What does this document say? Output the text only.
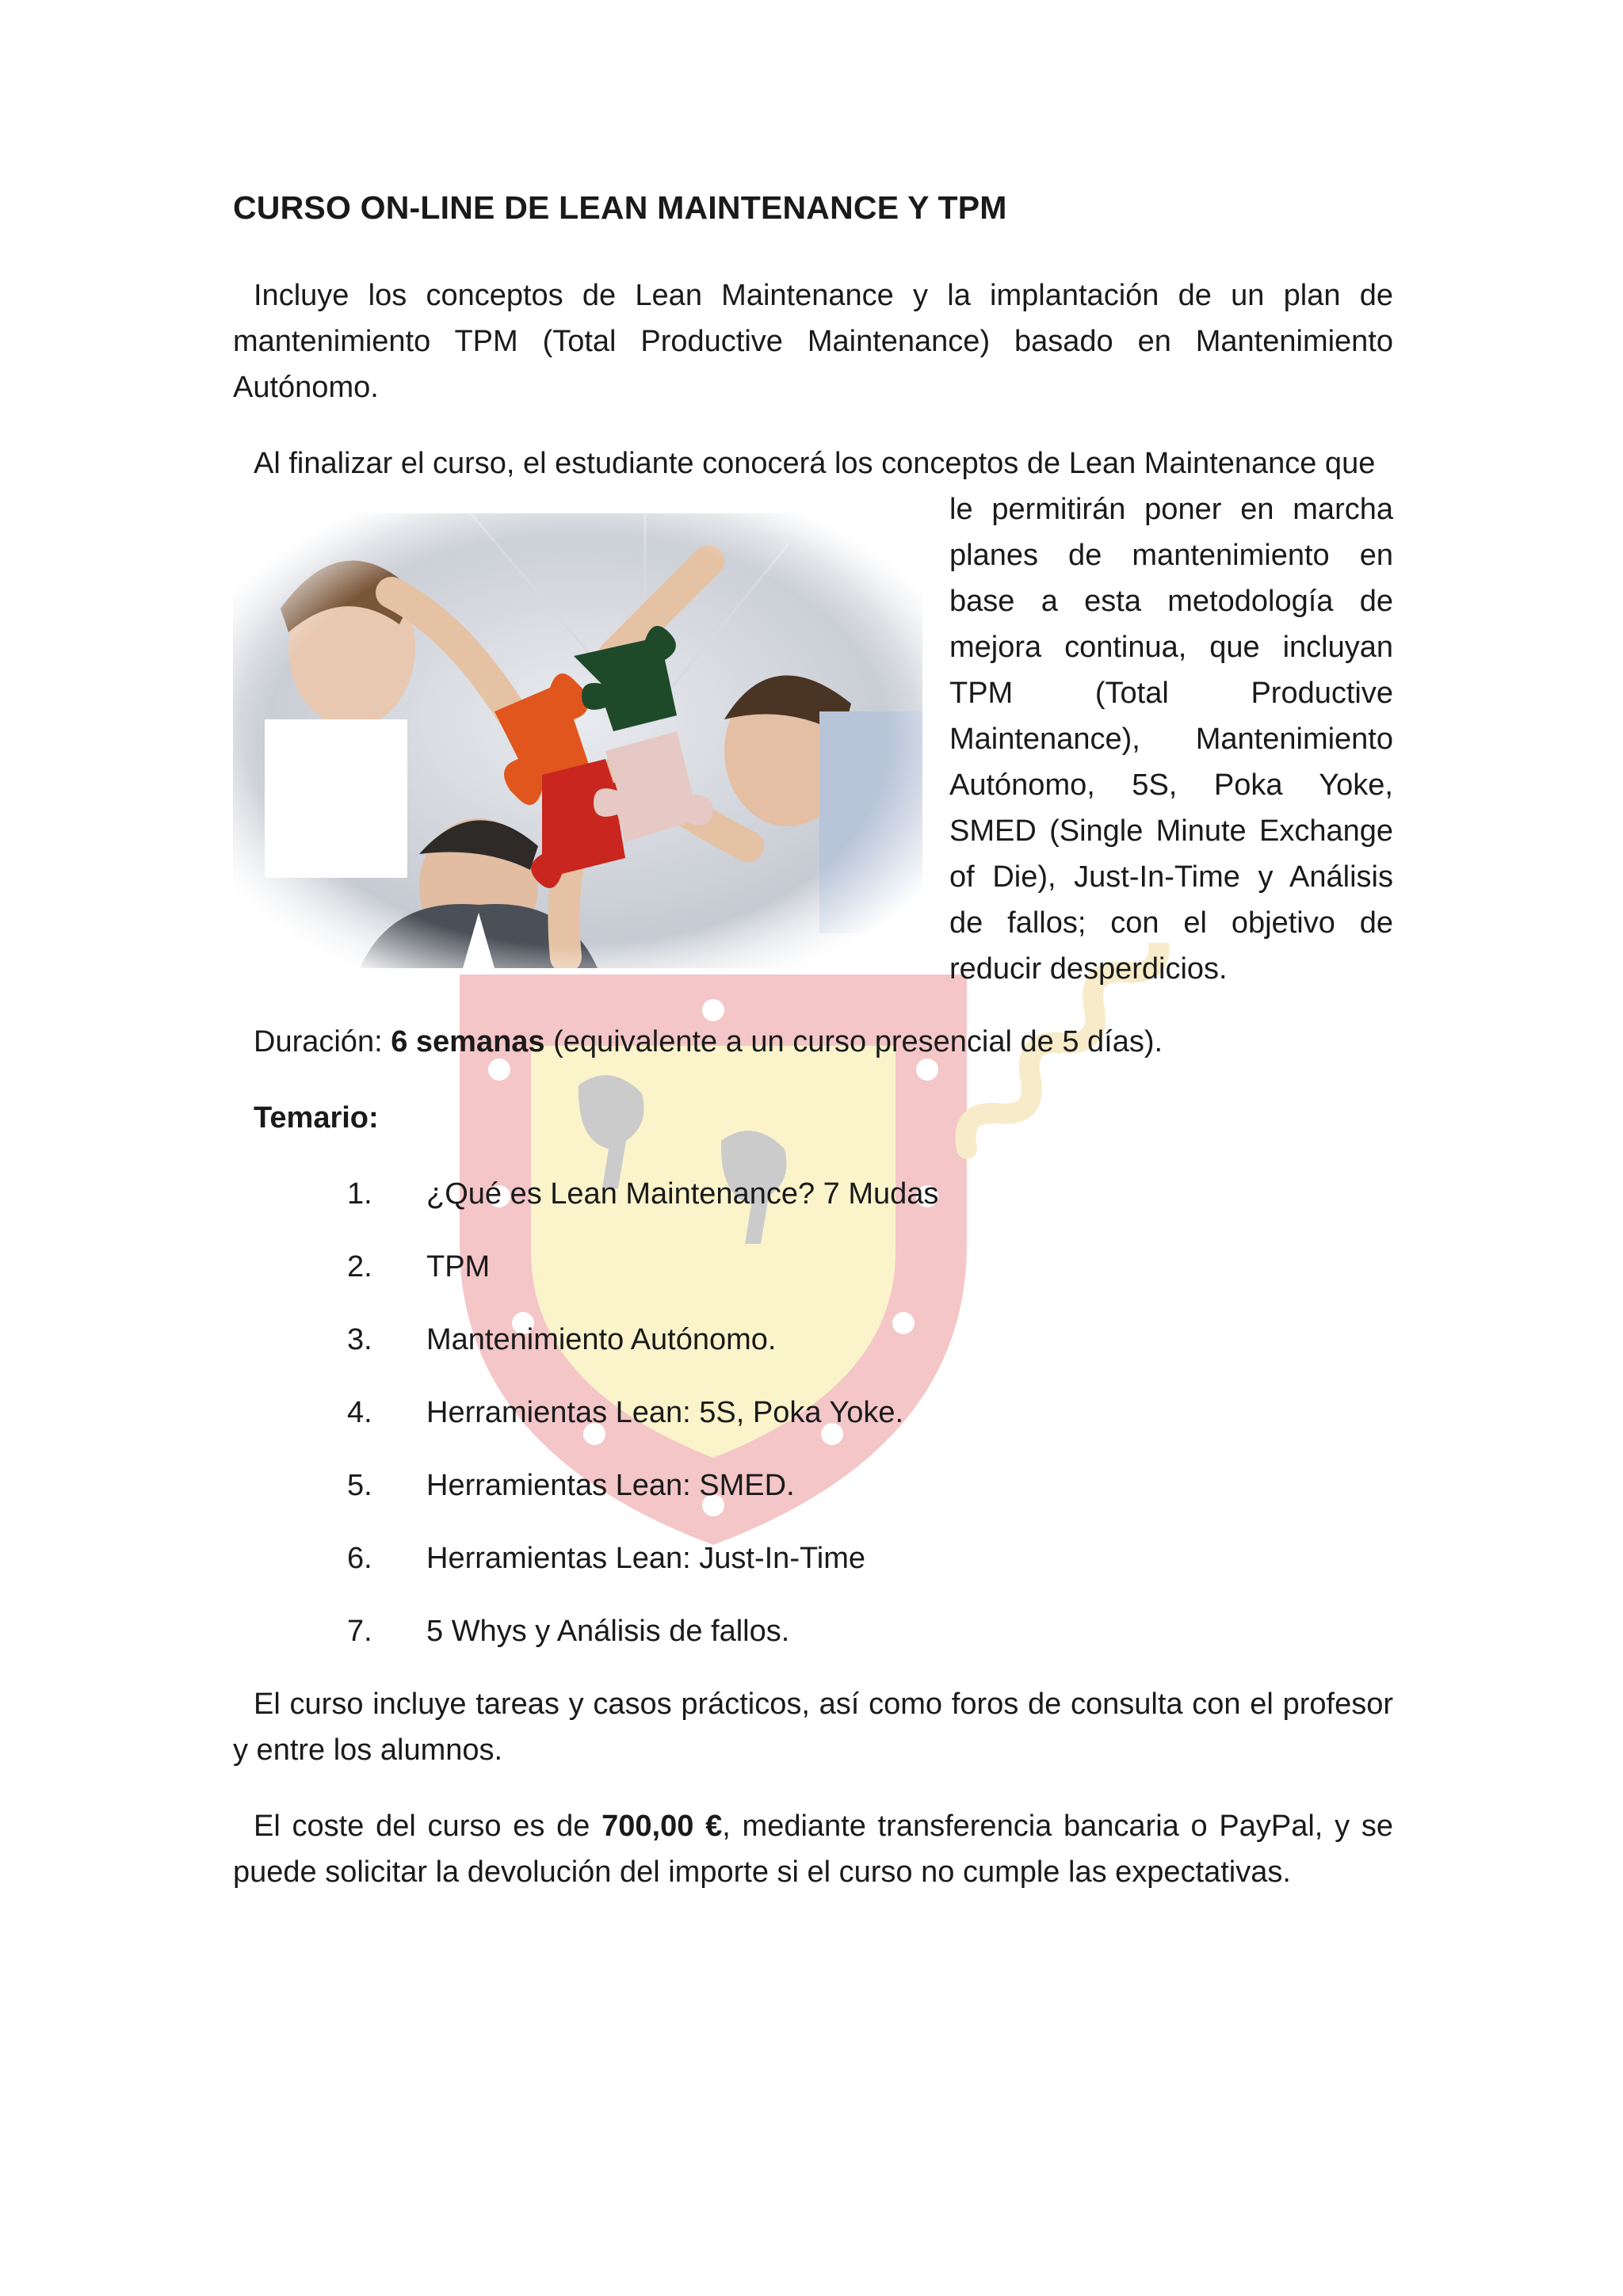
CURSO ON-LINE DE LEAN MAINTENANCE Y TPM

Incluye los conceptos de Lean Maintenance y la implantación de un plan de mantenimiento TPM (Total Productive Maintenance) basado en Mantenimiento Autónomo.

Al finalizar el curso, el estudiante conocerá los conceptos de Lean Maintenance que

le permitirán poner en marcha planes de mantenimiento en base a esta metodología de mejora continua, que incluyan TPM (Total Productive Maintenance), Mantenimiento Autónomo, 5S, Poka Yoke, SMED (Single Minute Exchange of Die), Just-In-Time y Análisis de fallos; con el objetivo de reducir desperdicios.

Duración: 6 semanas (equivalente a un curso presencial de 5 días).
Temario:
1.	¿Qué es Lean Maintenance? 7 Mudas
2.	TPM
3.	Mantenimiento Autónomo.
4.	Herramientas Lean: 5S, Poka Yoke.
5.	Herramientas Lean: SMED.
6.	Herramientas Lean: Just-In-Time
7.	5 Whys y Análisis de fallos.

El curso incluye tareas y casos prácticos, así como foros de consulta con el profesor y entre los alumnos.

El coste del curso es de 700,00 €, mediante transferencia bancaria o PayPal, y se puede solicitar la devolución del importe si el curso no cumple las expectativas.
